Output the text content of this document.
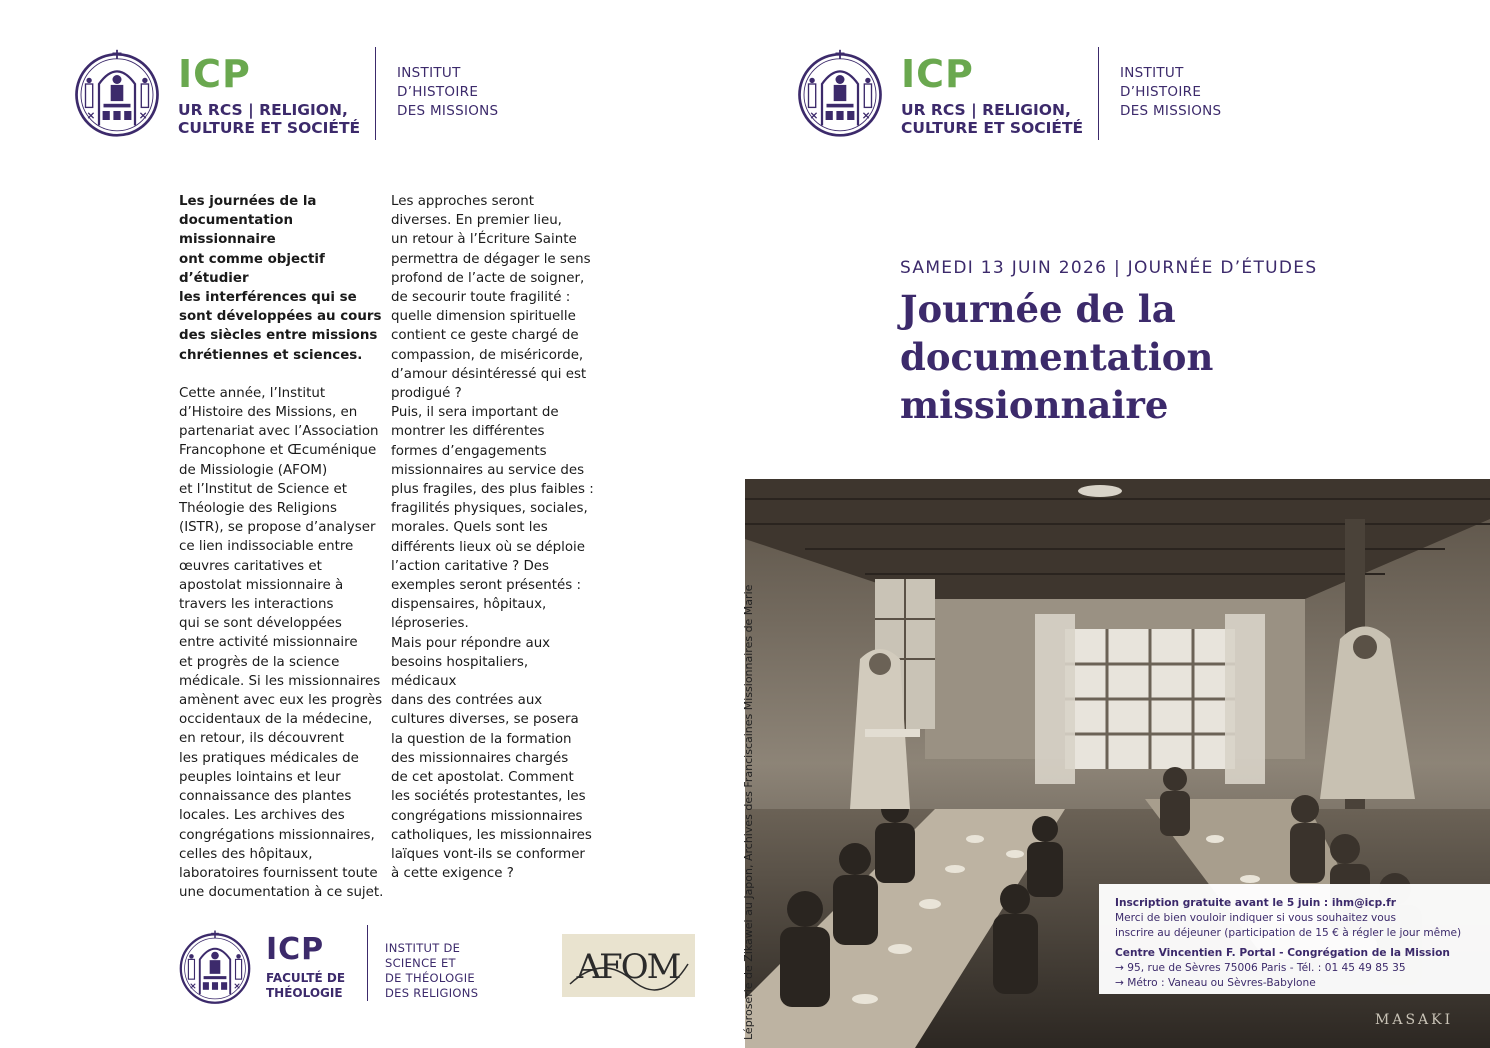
ICP
UR RCS | RELIGION,
CULTURE ET SOCIÉTÉ
INSTITUT
D’HISTOIRE
DES MISSIONS
ICP
UR RCS | RELIGION,
CULTURE ET SOCIÉTÉ
INSTITUT
D’HISTOIRE
DES MISSIONS

Les journées de la
documentation missionnaire
ont comme objectif d’étudier
les interférences qui se
sont développées au cours
des siècles entre missions
chrétiennes et sciences.

Cette année, l’Institut
d’Histoire des Missions, en
partenariat avec l’Association
Francophone et Œcuménique
de Missiologie (AFOM)
et l’Institut de Science et
Théologie des Religions
(ISTR), se propose d’analyser
ce lien indissociable entre
œuvres caritatives et
apostolat missionnaire à
travers les interactions
qui se sont développées
entre activité missionnaire
et progrès de la science
médicale. Si les missionnaires
amènent avec eux les progrès
occidentaux de la médecine,
en retour, ils découvrent
les pratiques médicales de
peuples lointains et leur
connaissance des plantes
locales. Les archives des
congrégations missionnaires,
celles des hôpitaux,
laboratoires fournissent toute
une documentation à ce sujet.

Les approches seront
diverses. En premier lieu,
un retour à l’Écriture Sainte
permettra de dégager le sens
profond de l’acte de soigner,
de secourir toute fragilité :
quelle dimension spirituelle
contient ce geste chargé de
compassion, de miséricorde,
d’amour désintéressé qui est
prodigué ?
Puis, il sera important de
montrer les différentes
formes d’engagements
missionnaires au service des
plus fragiles, des plus faibles :
fragilités physiques, sociales,
morales. Quels sont les
différents lieux où se déploie
l’action caritative ? Des
exemples seront présentés :
dispensaires, hôpitaux,
léproseries.
Mais pour répondre aux
besoins hospitaliers, médicaux
dans des contrées aux
cultures diverses, se posera
la question de la formation
des missionnaires chargés
de cet apostolat. Comment
les sociétés protestantes, les
congrégations missionnaires
catholiques, les missionnaires
laïques vont-ils se conformer
à cette exigence ?

SAMEDI 13 JUIN 2026 | JOURNÉE D’ÉTUDES
Journée de la documentation
missionnaire
MASAKI
Léproserie de Zikawei au Japon, Archives des Franciscaines Missionnaires de Marie	Inscription gratuite avant le 5 juin : ihm@icp.fr
Merci de bien vouloir indiquer si vous souhaitez vous
inscrire au déjeuner (participation de 15 € à régler le jour même)
Centre Vincentien F. Portal - Congrégation de la Mission
→ 95, rue de Sèvres 75006 Paris - Tél. : 01 45 49 85 35
→ Métro : Vaneau ou Sèvres-Babylone
ICP
FACULTÉ DE
THÉOLOGIE
INSTITUT DE
SCIENCE ET
DE THÉOLOGIE
DES RELIGIONS
AFOM
